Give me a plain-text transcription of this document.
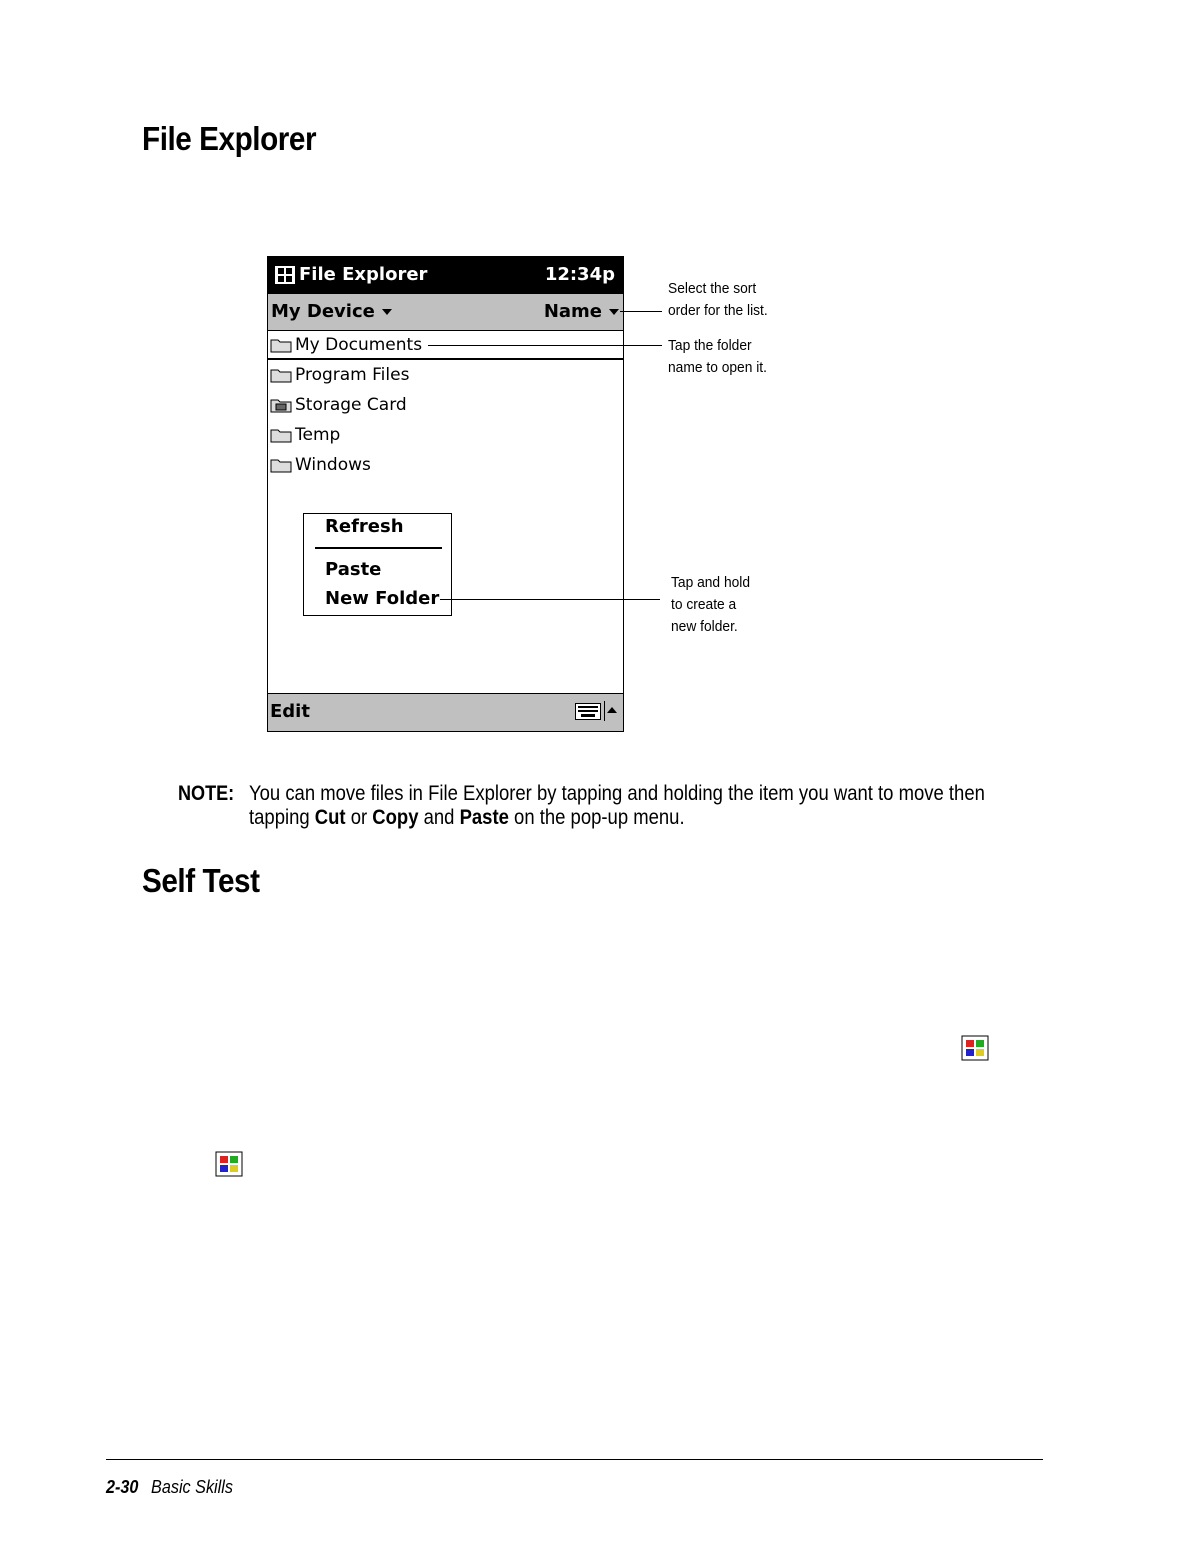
File Explorer
File Explorer	12:34p
My Device	Name
My Documents
Program Files
Storage Card
Temp
Windows
Refresh
Paste
New Folder
Edit
Select the sort
order for the list.
Tap the folder
name to open it.
Tap and hold
to create a
new folder.
NOTE: You can move files in File Explorer by tapping and holding the item you want to move then tapping Cut or Copy and Paste on the pop-up menu.
Self Test
2-30 Basic Skills
